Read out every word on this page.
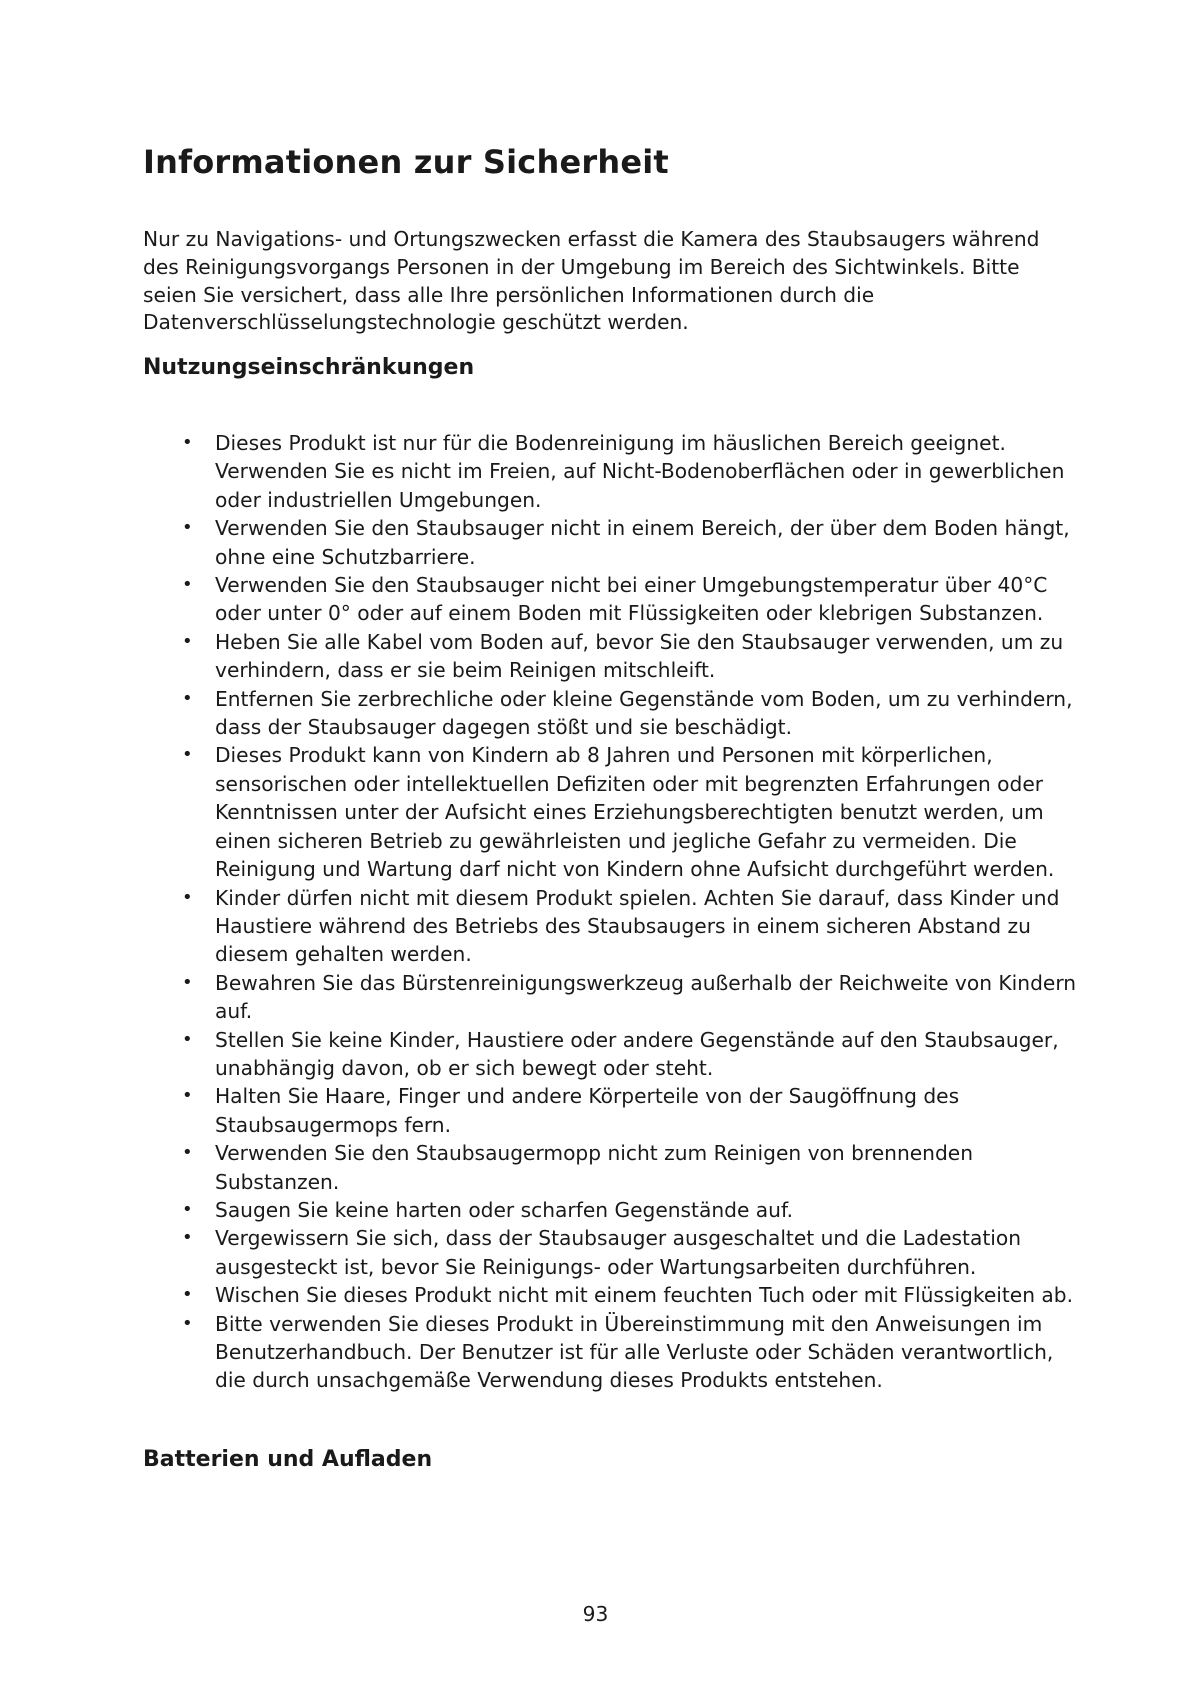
Informationen zur Sicherheit

Nur zu Navigations- und Ortungszwecken erfasst die Kamera des Staubsaugers während des Reinigungsvorgangs Personen in der Umgebung im Bereich des Sichtwinkels. Bitte seien Sie versichert, dass alle Ihre persönlichen Informationen durch die Datenverschlüsselungstechnologie geschützt werden.

Nutzungseinschränkungen
• Dieses Produkt ist nur für die Bodenreinigung im häuslichen Bereich geeignet. Verwenden Sie es nicht im Freien, auf Nicht-Bodenoberflächen oder in gewerblichen oder industriellen Umgebungen.
• Verwenden Sie den Staubsauger nicht in einem Bereich, der über dem Boden hängt, ohne eine Schutzbarriere.
• Verwenden Sie den Staubsauger nicht bei einer Umgebungstemperatur über 40°C oder unter 0° oder auf einem Boden mit Flüssigkeiten oder klebrigen Substanzen.
• Heben Sie alle Kabel vom Boden auf, bevor Sie den Staubsauger verwenden, um zu verhindern, dass er sie beim Reinigen mitschleift.
• Entfernen Sie zerbrechliche oder kleine Gegenstände vom Boden, um zu verhindern, dass der Staubsauger dagegen stößt und sie beschädigt.
• Dieses Produkt kann von Kindern ab 8 Jahren und Personen mit körperlichen, sensorischen oder intellektuellen Defiziten oder mit begrenzten Erfahrungen oder Kenntnissen unter der Aufsicht eines Erziehungsberechtigten benutzt werden, um einen sicheren Betrieb zu gewährleisten und jegliche Gefahr zu vermeiden. Die Reinigung und Wartung darf nicht von Kindern ohne Aufsicht durchgeführt werden.
• Kinder dürfen nicht mit diesem Produkt spielen. Achten Sie darauf, dass Kinder und Haustiere während des Betriebs des Staubsaugers in einem sicheren Abstand zu diesem gehalten werden.
• Bewahren Sie das Bürstenreinigungswerkzeug außerhalb der Reichweite von Kindern auf.
• Stellen Sie keine Kinder, Haustiere oder andere Gegenstände auf den Staubsauger, unabhängig davon, ob er sich bewegt oder steht.
• Halten Sie Haare, Finger und andere Körperteile von der Saugöffnung des Staubsaugermops fern.
• Verwenden Sie den Staubsaugermopp nicht zum Reinigen von brennenden Substanzen.
• Saugen Sie keine harten oder scharfen Gegenstände auf.
• Vergewissern Sie sich, dass der Staubsauger ausgeschaltet und die Ladestation ausgesteckt ist, bevor Sie Reinigungs- oder Wartungsarbeiten durchführen.
• Wischen Sie dieses Produkt nicht mit einem feuchten Tuch oder mit Flüssigkeiten ab.
• Bitte verwenden Sie dieses Produkt in Übereinstimmung mit den Anweisungen im Benutzerhandbuch. Der Benutzer ist für alle Verluste oder Schäden verantwortlich, die durch unsachgemäße Verwendung dieses Produkts entstehen.
Batterien und Aufladen
93
